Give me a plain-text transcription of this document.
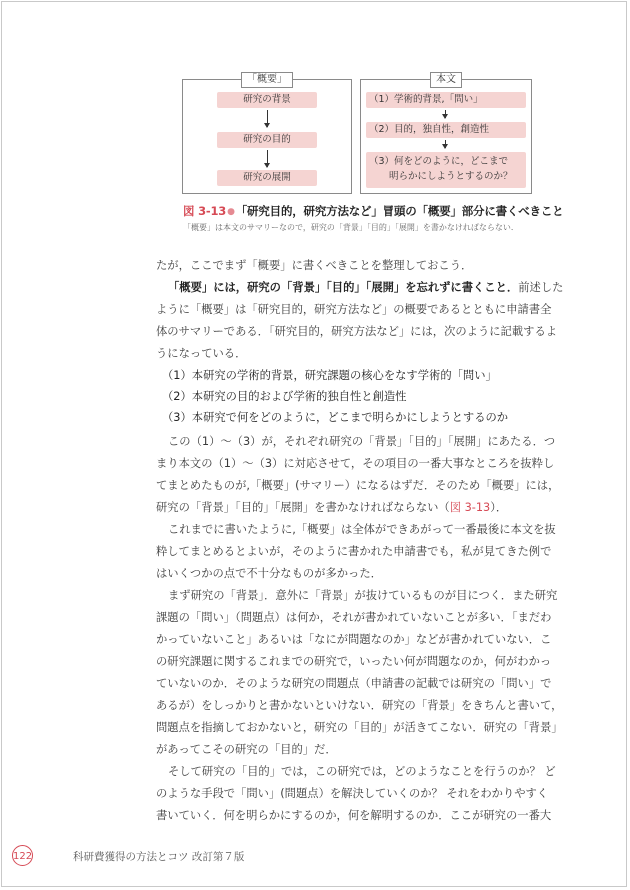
「概要」
研究の背景
研究の目的
研究の展開
本文
（1）学術的背景,「問い」
（2）目的，独自性，創造性
（3）何をどのように，どこまで
明らかにしようとするのか？
図 3-13●「研究目的，研究方法など」冒頭の「概要」部分に書くべきこと
「概要」は本文のサマリーなので，研究の「背景」「目的」「展開」を書かなければならない．
たが，ここでまず「概要」に書くべきことを整理しておこう．
「概要」には，研究の「背景」「目的」「展開」を忘れずに書くこと．前述した
ように「概要」は「研究目的，研究方法など」の概要であるとともに申請書全
体のサマリーである．「研究目的，研究方法など」には，次のように記載するよ
うになっている．
（1）本研究の学術的背景，研究課題の核心をなす学術的「問い」
（2）本研究の目的および学術的独自性と創造性
（3）本研究で何をどのように，どこまで明らかにしようとするのか
この（1）～（3）が，それぞれ研究の「背景」「目的」「展開」にあたる．つ
まり本文の（1）～（3）に対応させて，その項目の一番大事なところを抜粋し
てまとめたものが,「概要」(サマリー）になるはずだ．そのため「概要」には，
研究の「背景」「目的」「展開」を書かなければならない（図 3-13）．
これまでに書いたように,「概要」は全体ができあがって一番最後に本文を抜
粋してまとめるとよいが，そのように書かれた申請書でも，私が見てきた例で
はいくつかの点で不十分なものが多かった．
まず研究の「背景」．意外に「背景」が抜けているものが目につく．また研究
課題の「問い」（問題点）は何か，それが書かれていないことが多い．「まだわ
かっていないこと」あるいは「なにが問題なのか」などが書かれていない．こ
の研究課題に関するこれまでの研究で，いったい何が問題なのか，何がわかっ
ていないのか．そのような研究の問題点（申請書の記載では研究の「問い」で
あるが）をしっかりと書かないといけない．研究の「背景」をきちんと書いて，
問題点を指摘しておかないと，研究の「目的」が活きてこない．研究の「背景」
があってこその研究の「目的」だ．
そして研究の「目的」では，この研究では，どのようなことを行うのか？ ど
のような手段で「問い」(問題点）を解決していくのか？ それをわかりやすく
書いていく．何を明らかにするのか，何を解明するのか．ここが研究の一番大
122	科研費獲得の方法とコツ 改訂第７版
